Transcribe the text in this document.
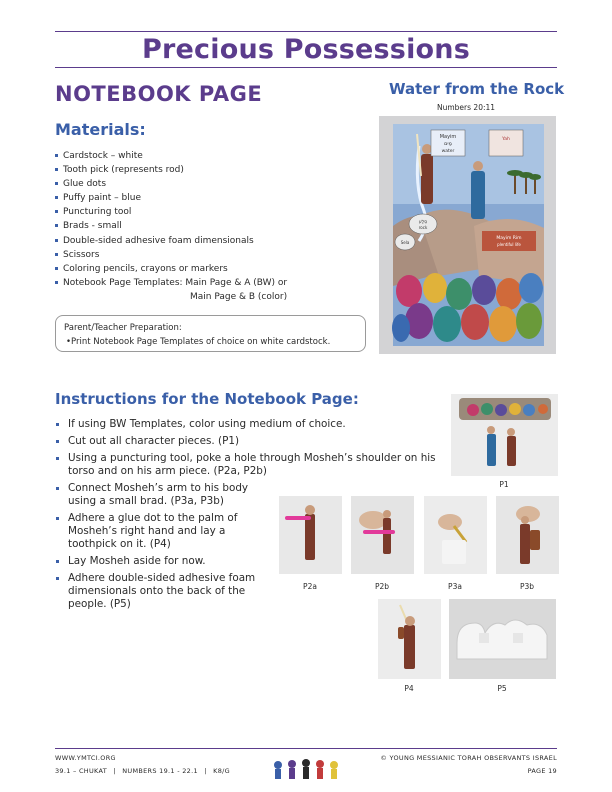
Precious Possessions
NOTEBOOK PAGE
Materials:
Cardstock – white
Tooth pick (represents rod)
Glue dots
Puffy paint – blue
Puncturing tool
Brads - small
Double-sided adhesive foam dimensionals
Scissors
Coloring pencils, crayons or markers
Notebook Page Templates: Main Page & A (BW) or
Main Page & B (color)
Parent/Teacher Preparation:
•Print Notebook Page Templates of choice on white cardstock.
Water from the Rock
Numbers 20:11
Mayim
מַיִם
water
Yah
סֶלַע
rock
Sela
Mayim Rim
plentiful life
Instructions for the Notebook Page:
If using BW Templates, color using medium of choice.
Cut out all character pieces. (P1)
Using a puncturing tool, poke a hole through Mosheh’s shoulder on his torso and on his arm piece. (P2a, P2b)
Connect Mosheh’s arm to his body using a small brad. (P3a, P3b)
Adhere a glue dot to the palm of Mosheh’s right hand and lay a toothpick on it. (P4)
Lay Mosheh aside for now.
Adhere double-sided adhesive foam dimensionals onto the back of the people. (P5)
P1
P2a	P2b	P3a	P3b
P4	P5
WWW.YMTCI.ORG
39.1 – CHUKAT | NUMBERS 19.1 - 22.1 | K8/G
© YOUNG MESSIANIC TORAH OBSERVANTS ISRAEL
PAGE 19
